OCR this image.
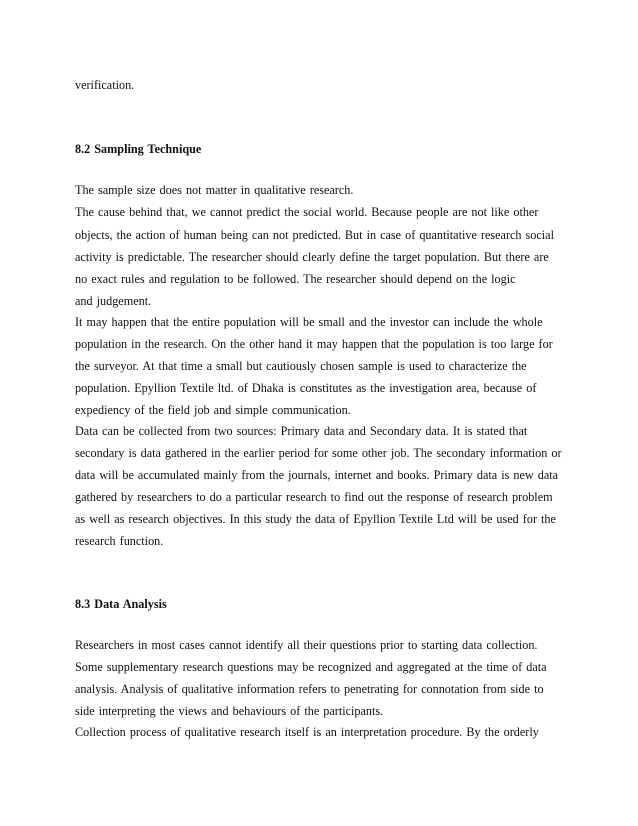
verification.
8.2 Sampling Technique
The sample size does not matter in qualitative research.
The cause behind that, we cannot predict the social world. Because people are not like other
objects, the action of human being can not predicted. But in case of quantitative research social
activity is predictable. The researcher should clearly define the target population. But there are
no exact rules and regulation to be followed. The researcher should depend on the logic
and judgement.
It may happen that the entire population will be small and the investor can include the whole
population in the research. On the other hand it may happen that the population is too large for
the surveyor. At that time a small but cautiously chosen sample is used to characterize the
population. Epyllion Textile ltd. of Dhaka is constitutes as the investigation area, because of
expediency of the field job and simple communication.
Data can be collected from two sources: Primary data and Secondary data. It is stated that
secondary is data gathered in the earlier period for some other job. The secondary information or
data will be accumulated mainly from the journals, internet and books. Primary data is new data
gathered by researchers to do a particular research to find out the response of research problem
as well as research objectives. In this study the data of Epyllion Textile Ltd will be used for the
research function.
8.3 Data Analysis
Researchers in most cases cannot identify all their questions prior to starting data collection.
Some supplementary research questions may be recognized and aggregated at the time of data
analysis. Analysis of qualitative information refers to penetrating for connotation from side to
side interpreting the views and behaviours of the participants.
Collection process of qualitative research itself is an interpretation procedure. By the orderly
